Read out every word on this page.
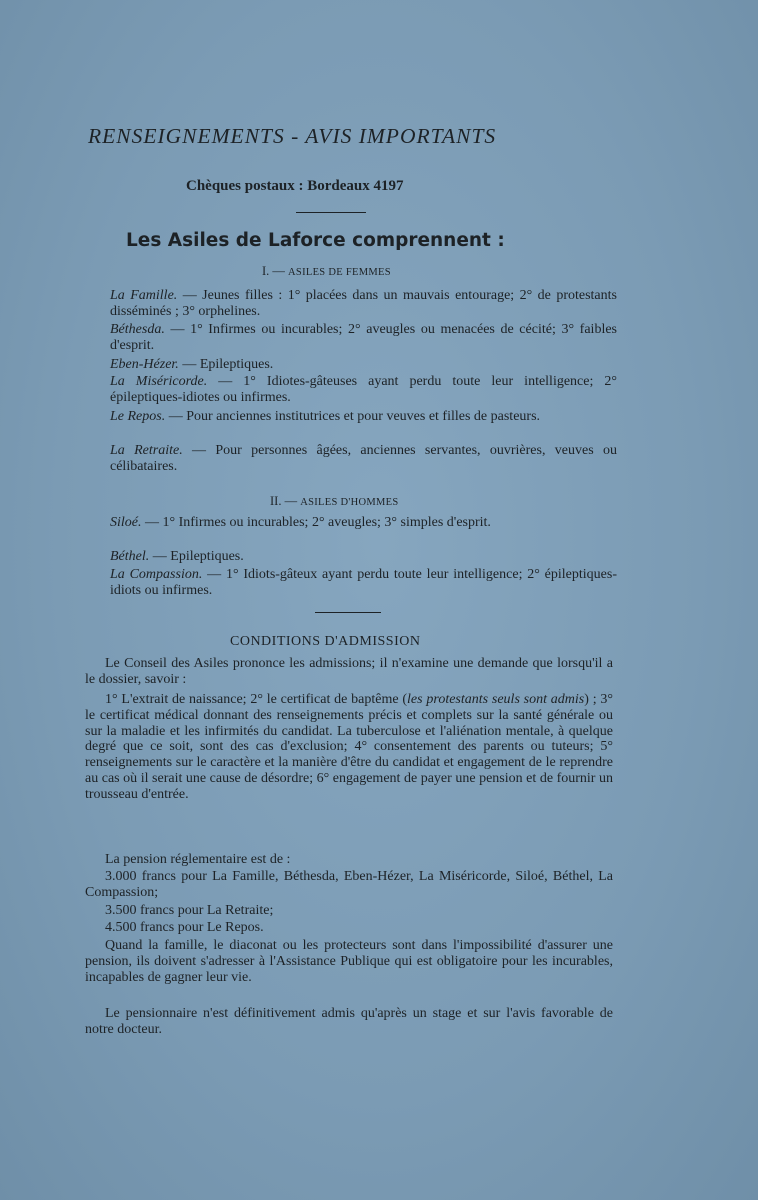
RENSEIGNEMENTS - AVIS IMPORTANTS
Chèques postaux : Bordeaux 4197
Les Asiles de Laforce comprennent :
I. — ASILES DE FEMMES
La Famille. — Jeunes filles : 1° placées dans un mauvais entourage; 2° de protestants disséminés ; 3° orphelines.
Béthesda. — 1° Infirmes ou incurables; 2° aveugles ou menacées de cécité; 3° faibles d'esprit.
Eben-Hézer. — Epileptiques.
La Miséricorde. — 1° Idiotes-gâteuses ayant perdu toute leur intelligence; 2° épileptiques-idiotes ou infirmes.
Le Repos. — Pour anciennes institutrices et pour veuves et filles de pasteurs.
La Retraite. — Pour personnes âgées, anciennes servantes, ouvrières, veuves ou célibataires.
II. — ASILES D'HOMMES
Siloé. — 1° Infirmes ou incurables; 2° aveugles; 3° simples d'esprit.
Béthel. — Epileptiques.
La Compassion. — 1° Idiots-gâteux ayant perdu toute leur intelligence; 2° épileptiques-idiots ou infirmes.
CONDITIONS D'ADMISSION
Le Conseil des Asiles prononce les admissions; il n'examine une demande que lorsqu'il a le dossier, savoir :
1° L'extrait de naissance; 2° le certificat de baptême (les protestants seuls sont admis) ; 3° le certificat médical donnant des renseignements précis et complets sur la santé générale ou sur la maladie et les infirmités du candidat. La tuberculose et l'aliénation mentale, à quelque degré que ce soit, sont des cas d'exclusion; 4° consentement des parents ou tuteurs; 5° renseignements sur le caractère et la manière d'être du candidat et engagement de le reprendre au cas où il serait une cause de désordre; 6° engagement de payer une pension et de fournir un trousseau d'entrée.
La pension réglementaire est de :
3.000 francs pour La Famille, Béthesda, Eben-Hézer, La Miséricorde, Siloé, Béthel, La Compassion;
3.500 francs pour La Retraite;
4.500 francs pour Le Repos.
Quand la famille, le diaconat ou les protecteurs sont dans l'impossibilité d'assurer une pension, ils doivent s'adresser à l'Assistance Publique qui est obligatoire pour les incurables, incapables de gagner leur vie.
Le pensionnaire n'est définitivement admis qu'après un stage et sur l'avis favorable de notre docteur.
